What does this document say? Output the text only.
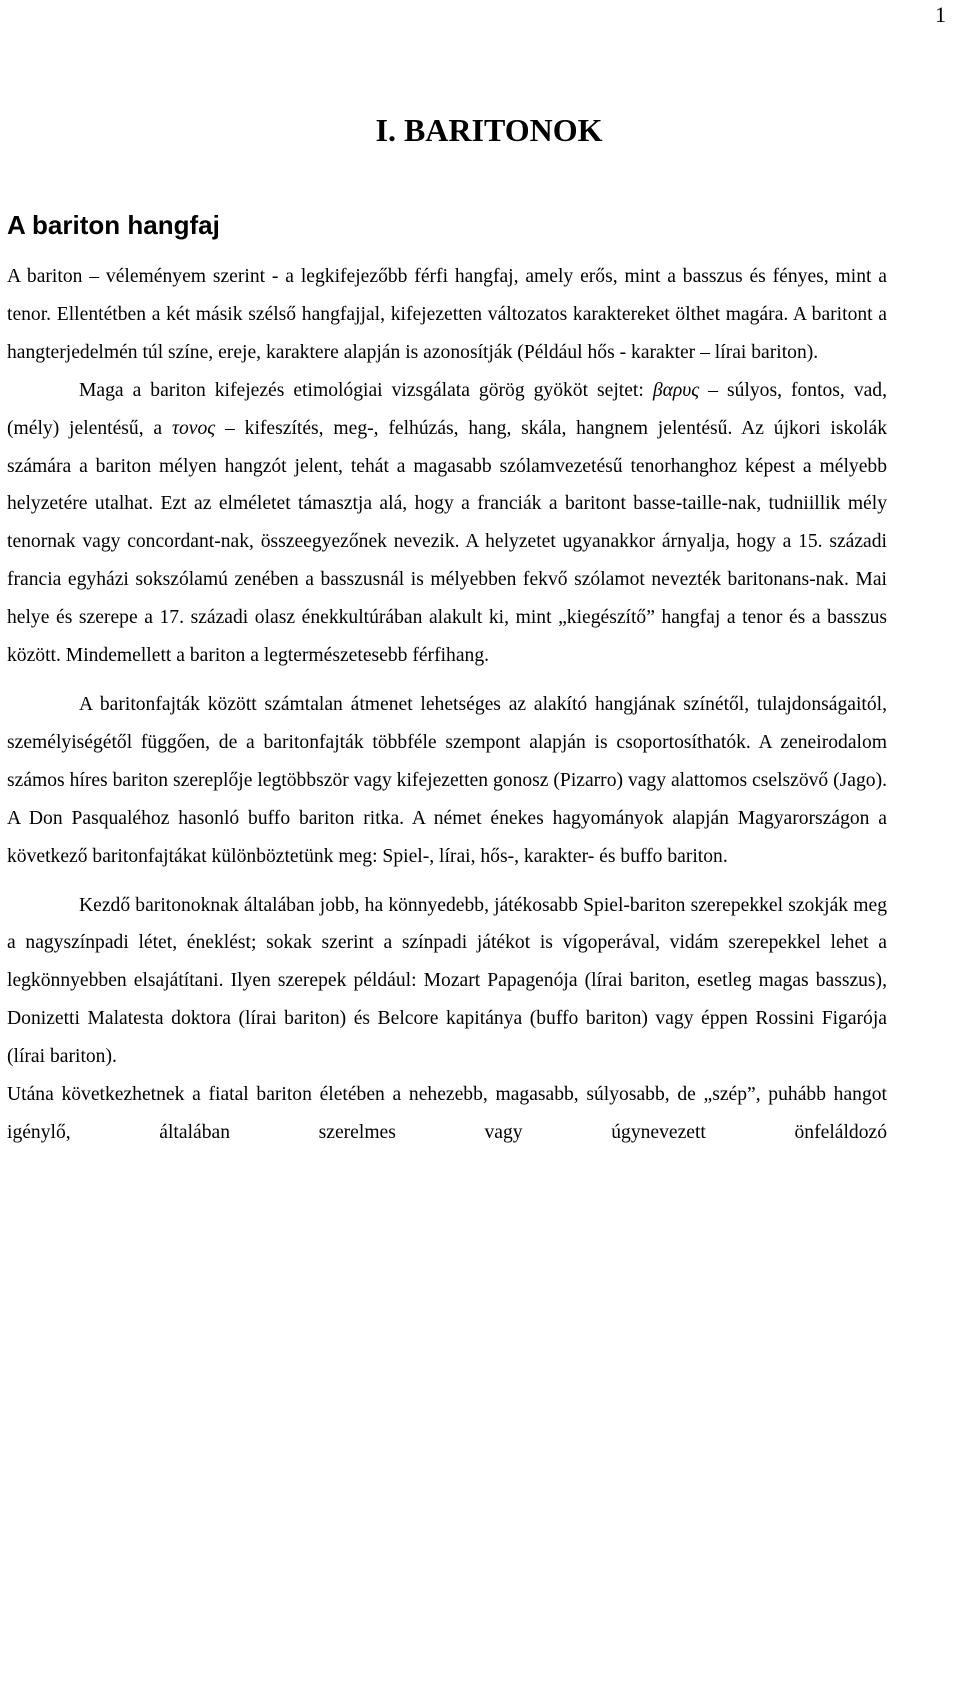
1
I. BARITONOK
A bariton hangfaj

A bariton – véleményem szerint - a legkifejezőbb férfi hangfaj, amely erős, mint a basszus és fényes, mint a tenor. Ellentétben a két másik szélső hangfajjal, kifejezetten változatos karaktereket ölthet magára. A baritont a hangterjedelmén túl színe, ereje, karaktere alapján is azonosítják (Például hős - karakter – lírai bariton).

Maga a bariton kifejezés etimológiai vizsgálata görög gyököt sejtet: βαρυς – súlyos, fontos, vad, (mély) jelentésű, a τονος – kifeszítés, meg-, felhúzás, hang, skála, hangnem jelentésű. Az újkori iskolák számára a bariton mélyen hangzót jelent, tehát a magasabb szólamvezetésű tenorhanghoz képest a mélyebb helyzetére utalhat. Ezt az elméletet támasztja alá, hogy a franciák a baritont basse-taille-nak, tudniillik mély tenornak vagy concordant-nak, összeegyezőnek nevezik. A helyzetet ugyanakkor árnyalja, hogy a 15. századi francia egyházi sokszólamú zenében a basszusnál is mélyebben fekvő szólamot nevezték baritonans-nak. Mai helye és szerepe a 17. századi olasz énekkultúrában alakult ki, mint „kiegészítő” hangfaj a tenor és a basszus között. Mindemellett a bariton a legtermészetesebb férfihang.

A baritonfajták között számtalan átmenet lehetséges az alakító hangjának színétől, tulajdonságaitól, személyiségétől függően, de a baritonfajták többféle szempont alapján is csoportosíthatók. A zeneirodalom számos híres bariton szereplője legtöbbször vagy kifejezetten gonosz (Pizarro) vagy alattomos cselszövő (Jago). A Don Pasqualéhoz hasonló buffo bariton ritka. A német énekes hagyományok alapján Magyarországon a következő baritonfajtákat különböztetünk meg: Spiel-, lírai, hős-, karakter- és buffo bariton.

Kezdő baritonoknak általában jobb, ha könnyedebb, játékosabb Spiel-bariton szerepekkel szokják meg a nagyszínpadi létet, éneklést; sokak szerint a színpadi játékot is vígoperával, vidám szerepekkel lehet a legkönnyebben elsajátítani. Ilyen szerepek például: Mozart Papagenója (lírai bariton, esetleg magas basszus), Donizetti Malatesta doktora (lírai bariton) és Belcore kapitánya (buffo bariton) vagy éppen Rossini Figarója (lírai bariton).

Utána következhetnek a fiatal bariton életében a nehezebb, magasabb, súlyosabb, de „szép”, puhább hangot igénylő, általában szerelmes vagy úgynevezett önfeláldozó
